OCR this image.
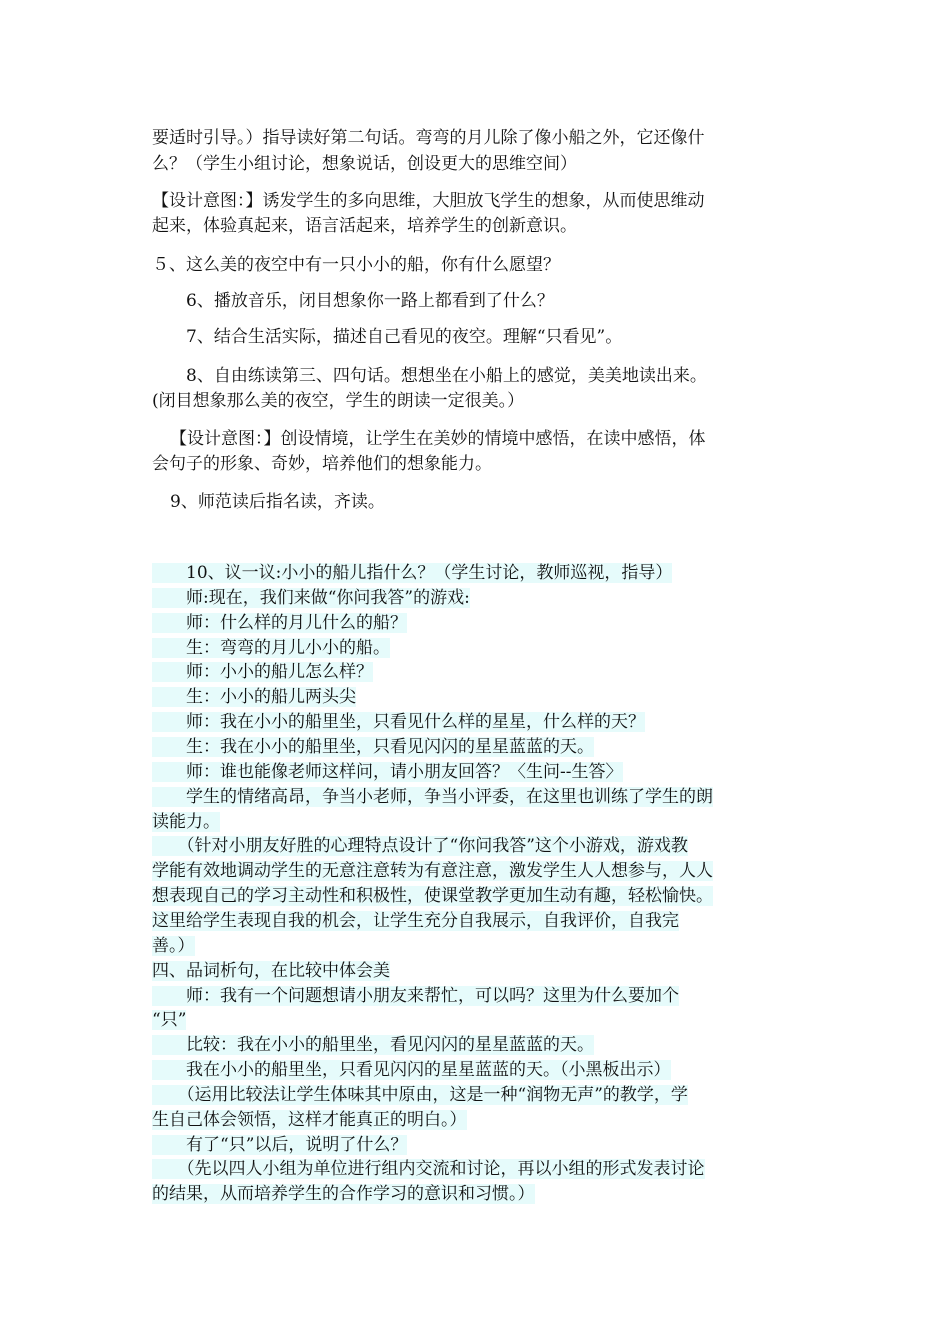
要适时引导。）指导读好第二句话。弯弯的月儿除了像小船之外，它还像什

么？（学生小组讨论，想象说话，创设更大的思维空间）

【设计意图：】诱发学生的多向思维，大胆放飞学生的想象，从而使思维动

起来，体验真起来，语言活起来，培养学生的创新意识。

５、这么美的夜空中有一只小小的船，你有什么愿望？

6、播放音乐，闭目想象你一路上都看到了什么？

7、结合生活实际，描述自己看见的夜空。理解“只看见”。

8、自由练读第三、四句话。想想坐在小船上的感觉，美美地读出来。

(闭目想象那么美的夜空，学生的朗读一定很美。）

【设计意图：】创设情境，让学生在美妙的情境中感悟，在读中感悟，体

会句子的形象、奇妙，培养他们的想象能力。

9、师范读后指名读，齐读。

　　10、议一议:小小的船儿指什么？（学生讨论，教师巡视，指导）

　　师:现在，我们来做“你问我答”的游戏:

　　师：什么样的月儿什么的船？

　　生：弯弯的月儿小小的船。

　　师：小小的船儿怎么样？

　　生：小小的船儿两头尖

　　师：我在小小的船里坐，只看见什么样的星星，什么样的天？

　　生：我在小小的船里坐，只看见闪闪的星星蓝蓝的天。

　　师：谁也能像老师这样问，请小朋友回答？〈生问--生答〉

　　学生的情绪高昂，争当小老师，争当小评委，在这里也训练了学生的朗

读能力。

　　（针对小朋友好胜的心理特点设计了“你问我答”这个小游戏，游戏教

学能有效地调动学生的无意注意转为有意注意，激发学生人人想参与，人人

想表现自己的学习主动性和积极性，使课堂教学更加生动有趣，轻松愉快。

这里给学生表现自我的机会，让学生充分自我展示，自我评价，自我完

善。）

四、品词析句，在比较中体会美

　　师：我有一个问题想请小朋友来帮忙，可以吗？这里为什么要加个

“只”

　　比较：我在小小的船里坐，看见闪闪的星星蓝蓝的天。

　　我在小小的船里坐，只看见闪闪的星星蓝蓝的天。（小黑板出示）

　　（运用比较法让学生体味其中原由，这是一种“润物无声”的教学，学

生自己体会领悟，这样才能真正的明白。）

　　有了“只”以后，说明了什么？

　　（先以四人小组为单位进行组内交流和讨论，再以小组的形式发表讨论

的结果，从而培养学生的合作学习的意识和习惯。）
